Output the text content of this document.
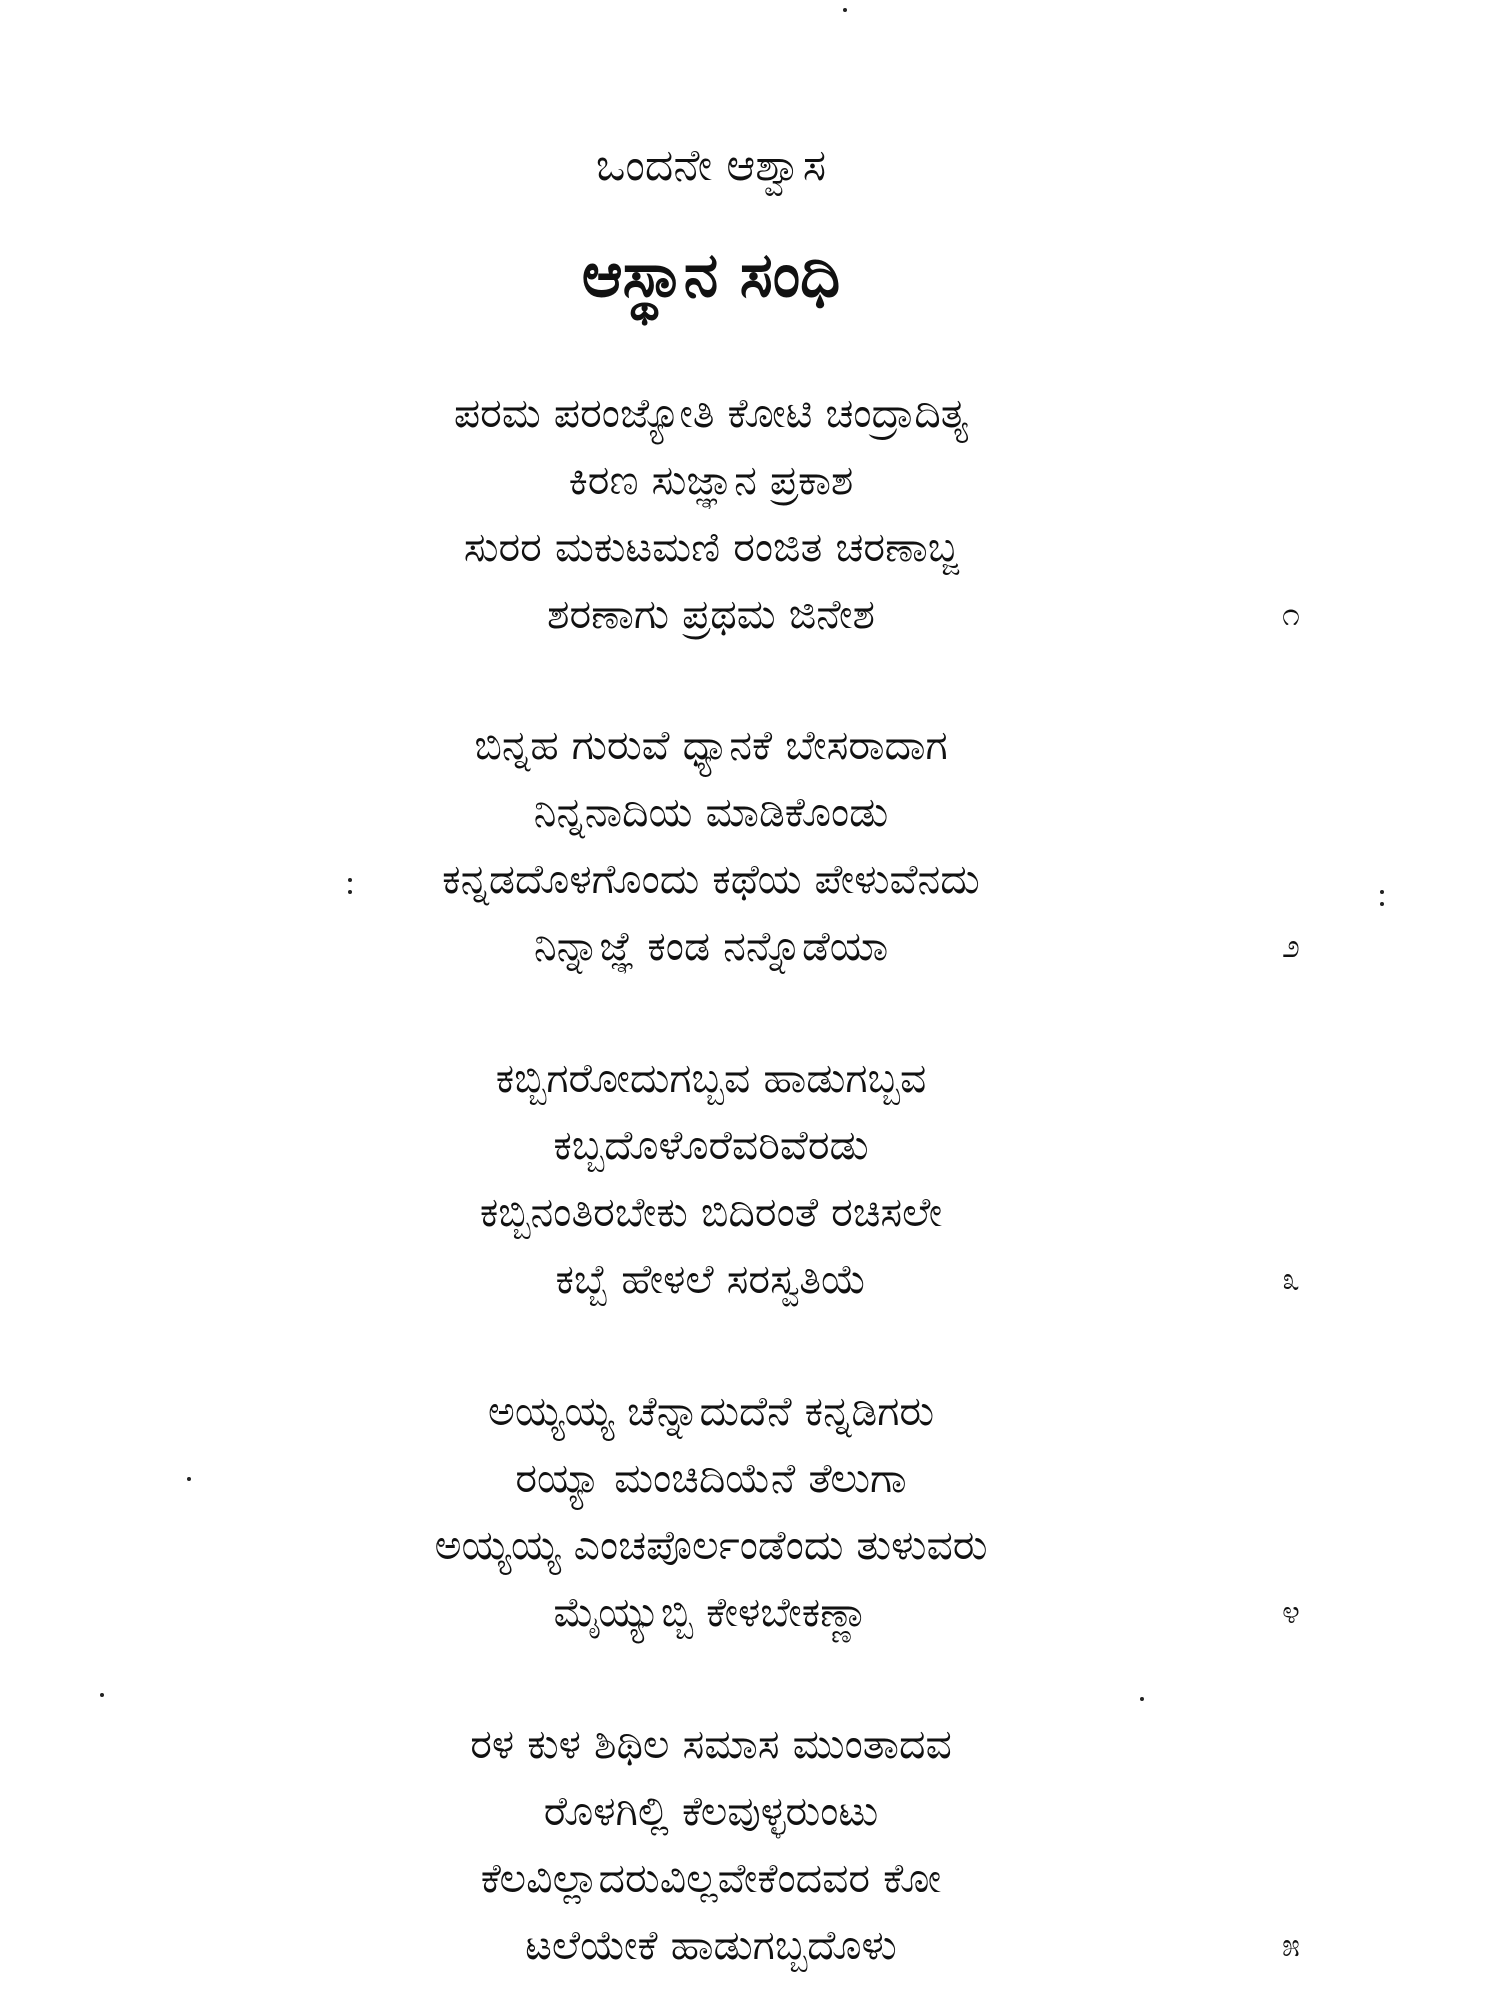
ಒಂದನೇ ಆಶ್ವಾಸ
ಆಸ್ಥಾನ ಸಂಧಿ
ಪರಮ ಪರಂಜ್ಯೋತಿ ಕೋಟಿ ಚಂದ್ರಾದಿತ್ಯ
ಕಿರಣ ಸುಜ್ಞಾನ ಪ್ರಕಾಶ
ಸುರರ ಮಕುಟಮಣಿ ರಂಜಿತ ಚರಣಾಬ್ಜ
ಶರಣಾಗು ಪ್ರಥಮ ಜಿನೇಶ	೧
ಬಿನ್ನಹ ಗುರುವೆ ಧ್ಯಾನಕೆ ಬೇಸರಾದಾಗ
ನಿನ್ನನಾದಿಯ ಮಾಡಿಕೊಂಡು
ಕನ್ನಡದೊಳಗೊಂದು ಕಥೆಯ ಪೇಳುವೆನದು
ನಿನ್ನಾಜ್ಞೆ ಕಂಡ ನನ್ನೊಡೆಯಾ	೨
ಕಬ್ಬಿಗರೋದುಗಬ್ಬವ ಹಾಡುಗಬ್ಬವ
ಕಬ್ಬದೊಳೊರೆವರಿವೆರಡು
ಕಬ್ಬಿನಂತಿರಬೇಕು ಬಿದಿರಂತೆ ರಚಿಸಲೇ
ಕಬ್ಬೆ ಹೇಳಲೆ ಸರಸ್ವತಿಯೆ	೩
ಅಯ್ಯಯ್ಯ ಚೆನ್ನಾದುದೆನೆ ಕನ್ನಡಿಗರು
ರಯ್ಯಾ ಮಂಚಿದಿಯೆನೆ ತೆಲುಗಾ
ಅಯ್ಯಯ್ಯ ಎಂಚಪೊರ್ಲಂಡೆಂದು ತುಳುವರು
ಮೈಯ್ಯುಬ್ಬಿ ಕೇಳಬೇಕಣ್ಣಾ	೪
ರಳ ಕುಳ ಶಿಥಿಲ ಸಮಾಸ ಮುಂತಾದವ
ರೊಳಗಿಲ್ಲಿ ಕೆಲವುಳ್ಳರುಂಟು
ಕೆಲವಿಲ್ಲಾದರುವಿಲ್ಲವೇಕೆಂದವರ ಕೋ
ಟಲೆಯೇಕೆ ಹಾಡುಗಬ್ಬದೊಳು	೫
